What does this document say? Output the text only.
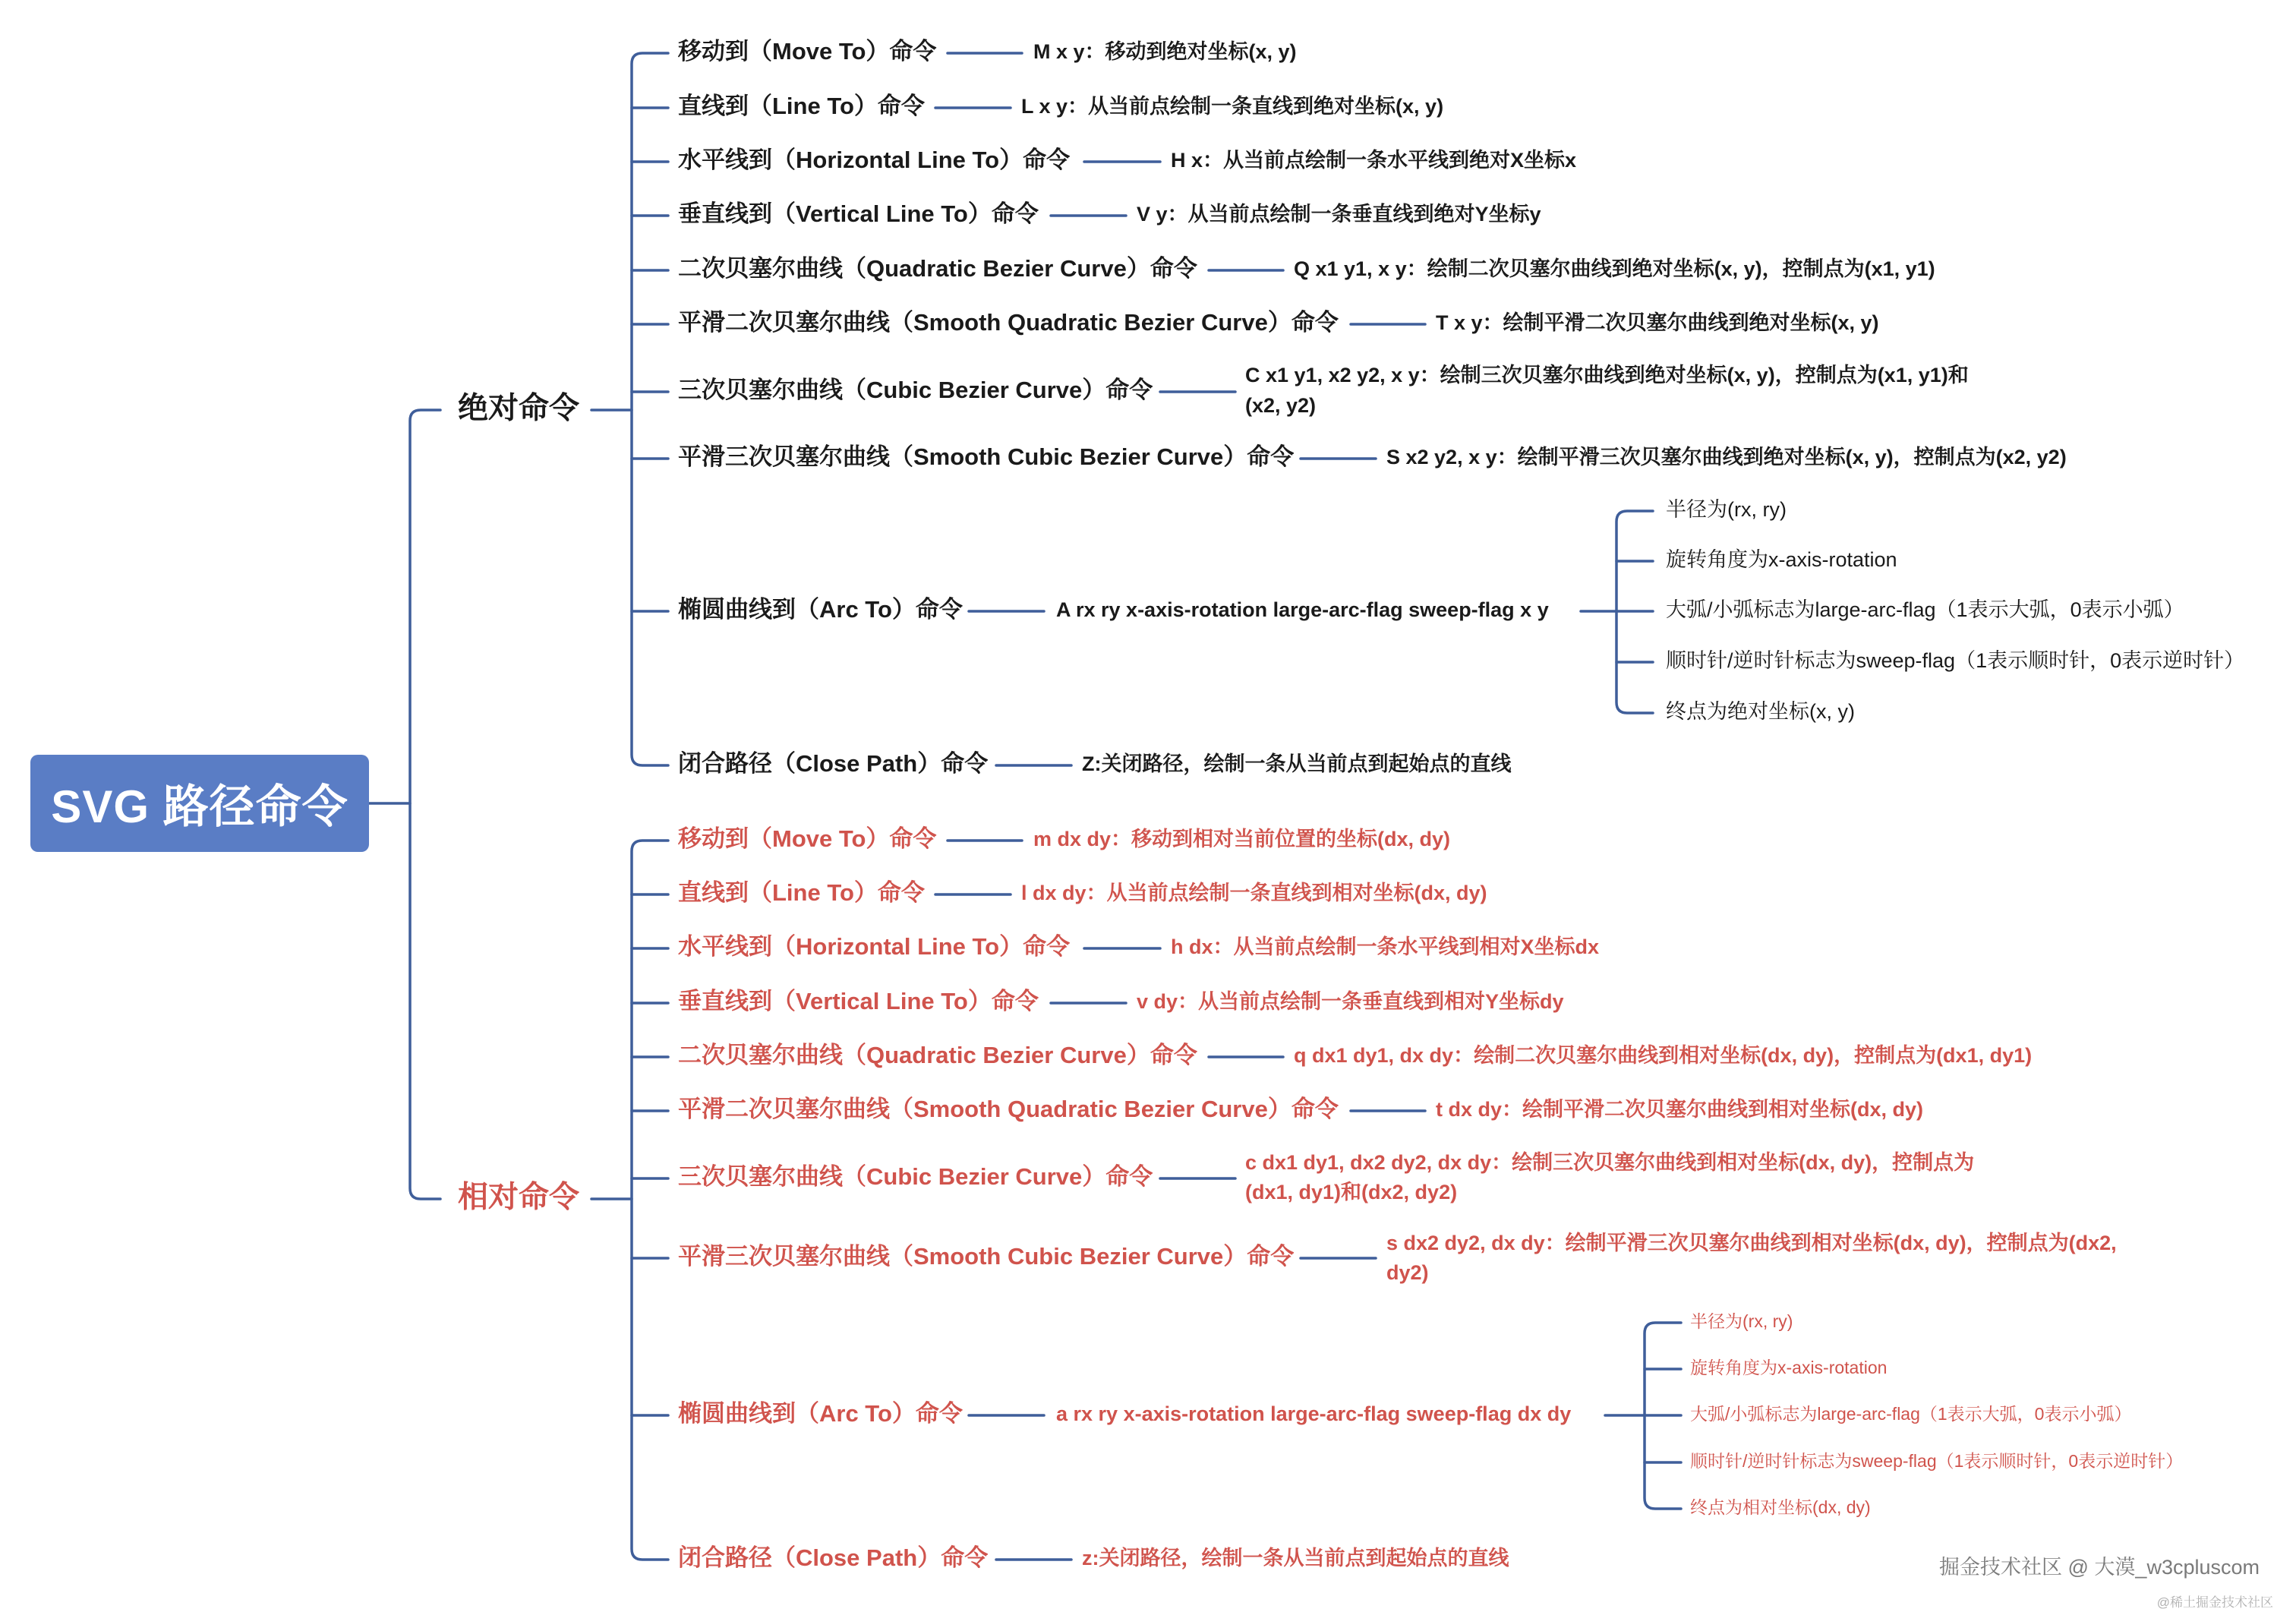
绝对命令
移动到（Move To）命令	M x y：移动到绝对坐标(x, y)
直线到（Line To）命令	L x y：从当前点绘制一条直线到绝对坐标(x, y)
水平线到（Horizontal Line To）命令	H x：从当前点绘制一条水平线到绝对X坐标x
垂直线到（Vertical Line To）命令	V y：从当前点绘制一条垂直线到绝对Y坐标y
二次贝塞尔曲线（Quadratic Bezier Curve）命令	Q x1 y1, x y：绘制二次贝塞尔曲线到绝对坐标(x, y)，控制点为(x1, y1)
平滑二次贝塞尔曲线（Smooth Quadratic Bezier Curve）命令	T x y：绘制平滑二次贝塞尔曲线到绝对坐标(x, y)
三次贝塞尔曲线（Cubic Bezier Curve）命令
C x1 y1, x2 y2, x y：绘制三次贝塞尔曲线到绝对坐标(x, y)，控制点为(x1, y1)和
(x2, y2)
平滑三次贝塞尔曲线（Smooth Cubic Bezier Curve）命令	S x2 y2, x y：绘制平滑三次贝塞尔曲线到绝对坐标(x, y)，控制点为(x2, y2)
椭圆曲线到（Arc To）命令	A rx ry x-axis-rotation large-arc-flag sweep-flag x y
半径为(rx, ry)
旋转角度为x-axis-rotation
大弧/小弧标志为large-arc-flag（1表示大弧，0表示小弧）
顺时针/逆时针标志为sweep-flag（1表示顺时针，0表示逆时针）
终点为绝对坐标(x, y)
闭合路径（Close Path）命令	Z:关闭路径，绘制一条从当前点到起始点的直线
相对命令
移动到（Move To）命令	m dx dy：移动到相对当前位置的坐标(dx, dy)
直线到（Line To）命令	l dx dy：从当前点绘制一条直线到相对坐标(dx, dy)
水平线到（Horizontal Line To）命令	h dx：从当前点绘制一条水平线到相对X坐标dx
垂直线到（Vertical Line To）命令	v dy：从当前点绘制一条垂直线到相对Y坐标dy
二次贝塞尔曲线（Quadratic Bezier Curve）命令	q dx1 dy1, dx dy：绘制二次贝塞尔曲线到相对坐标(dx, dy)，控制点为(dx1, dy1)
平滑二次贝塞尔曲线（Smooth Quadratic Bezier Curve）命令	t dx dy：绘制平滑二次贝塞尔曲线到相对坐标(dx, dy)
三次贝塞尔曲线（Cubic Bezier Curve）命令
c dx1 dy1, dx2 dy2, dx dy：绘制三次贝塞尔曲线到相对坐标(dx, dy)，控制点为
(dx1, dy1)和(dx2, dy2)
平滑三次贝塞尔曲线（Smooth Cubic Bezier Curve）命令
s dx2 dy2, dx dy：绘制平滑三次贝塞尔曲线到相对坐标(dx, dy)，控制点为(dx2,
dy2)
椭圆曲线到（Arc To）命令	a rx ry x-axis-rotation large-arc-flag sweep-flag dx dy
半径为(rx, ry)
旋转角度为x-axis-rotation
大弧/小弧标志为large-arc-flag（1表示大弧，0表示小弧）
顺时针/逆时针标志为sweep-flag（1表示顺时针，0表示逆时针）
终点为相对坐标(dx, dy)
闭合路径（Close Path）命令	z:关闭路径，绘制一条从当前点到起始点的直线
SVG 路径命令
掘金技术社区 @ 大漠_w3cpluscom
@稀土掘金技术社区
